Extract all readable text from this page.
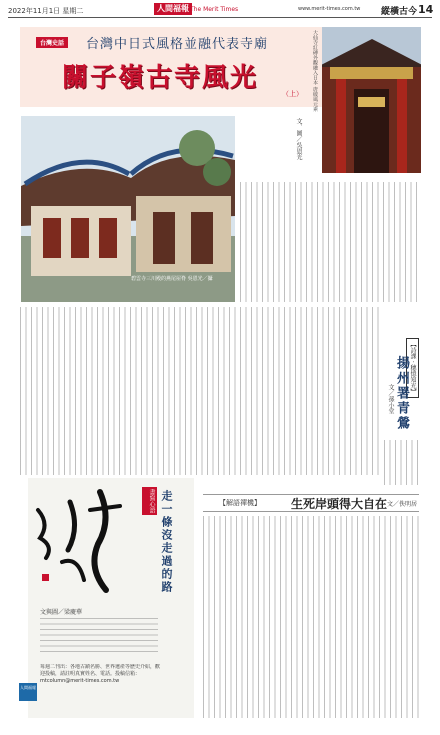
2022年11月1日 星期二	人間福報 The Merit Times	www.merit-times.com.tw 縱橫古今 14
台灣史話	台灣中日式風格並融代表寺廟
關子嶺古寺風光
（上）	大仙寺紅磚外觀融入日本 唐破風元素
碧雲寺三川殿的燕尾屋脊 吳恩光／攝
文、圖／吳恩光
【詩課 ‧ 穗憶知光】
揚州署青鶯
文／孫小堂
書寫心語 走一條沒走過的路
文與圖／梁慶華
人間福報
每週二刊出：各地古蹟名勝、世界遺產等歷史介紹，歡迎投稿，請註明真實姓名、電話。投稿信箱：mtcolumn@merit-times.com.tw
【解語禪機】	生死岸頭得大自在 文／佚明居
